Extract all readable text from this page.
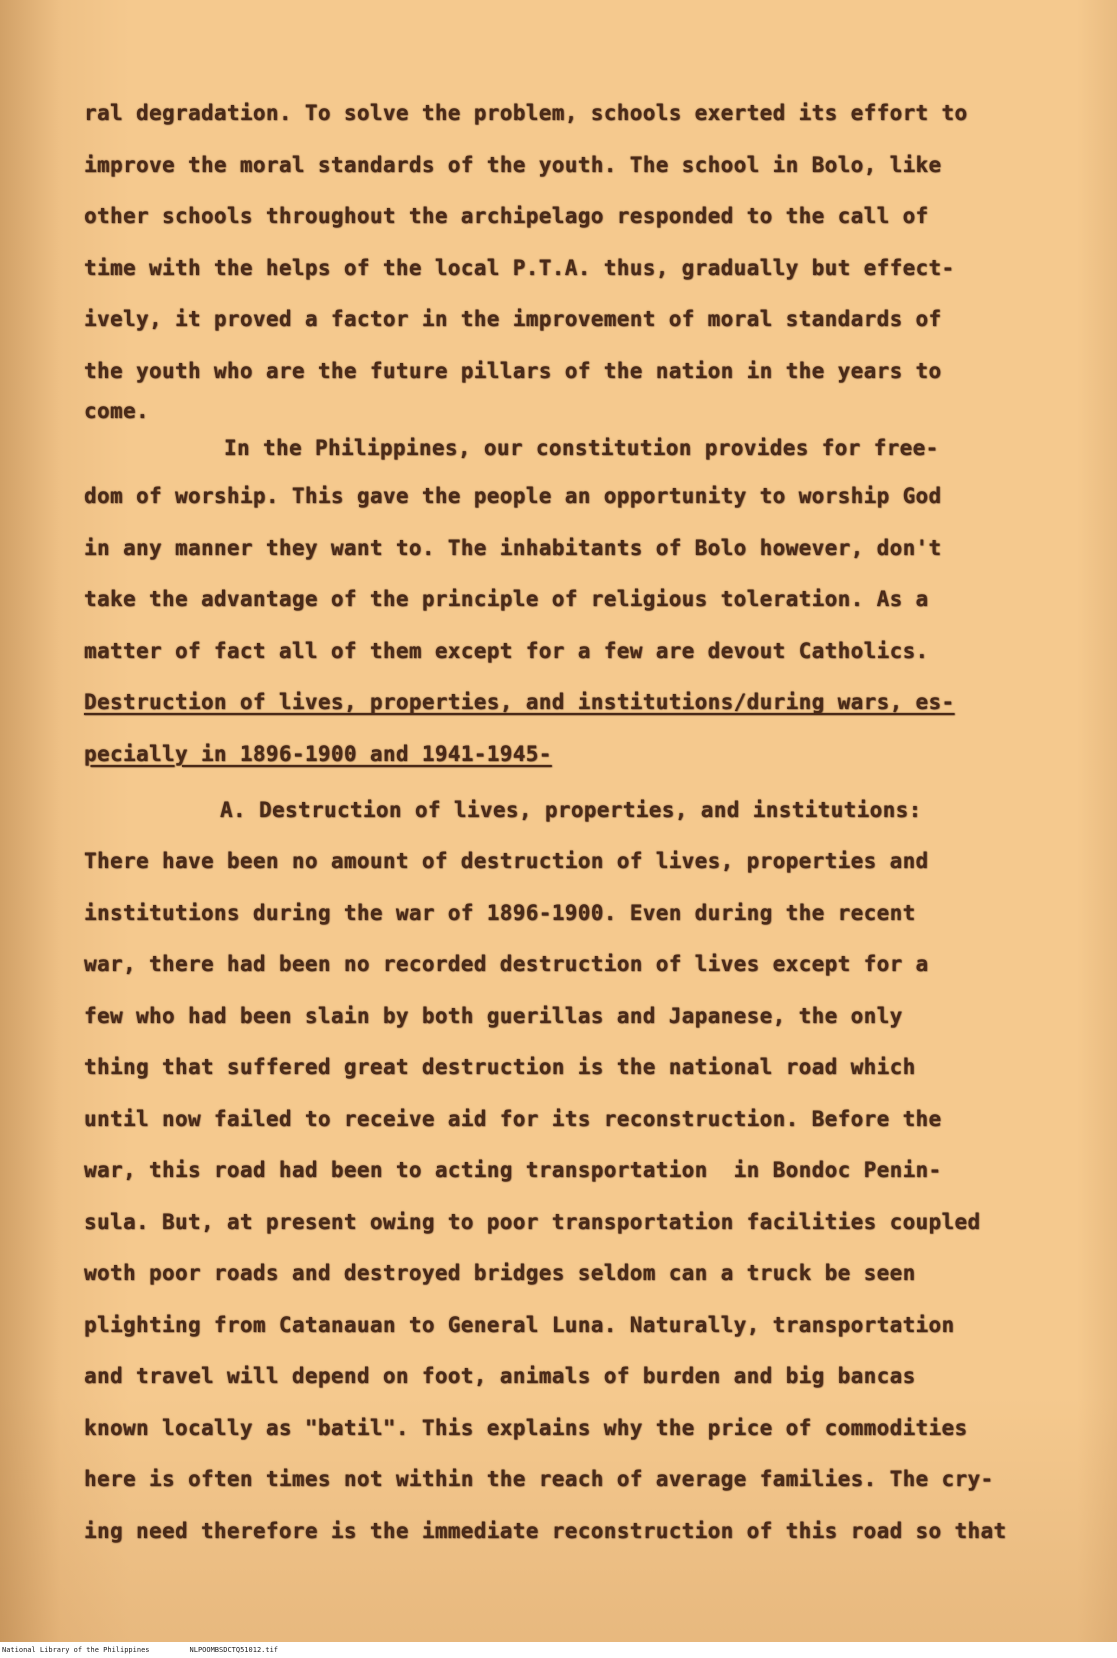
ral degradation. To solve the problem, schools exerted its effort to
improve the moral standards of the youth. The school in Bolo, like
other schools throughout the archipelago responded to the call of
time with the helps of the local P.T.A. thus, gradually but effect-
ively, it proved a factor in the improvement of moral standards of
the youth who are the future pillars of the nation in the years to
come.
In the Philippines, our constitution provides for free-
dom of worship. This gave the people an opportunity to worship God
in any manner they want to. The inhabitants of Bolo however, don't
take the advantage of the principle of religious toleration. As a
matter of fact all of them except for a few are devout Catholics.
Destruction of lives, properties, and institutions/during wars, es-
pecially in 1896-1900 and 1941-1945-
A. Destruction of lives, properties, and institutions:
There have been no amount of destruction of lives, properties and
institutions during the war of 1896-1900. Even during the recent
war, there had been no recorded destruction of lives except for a
few who had been slain by both guerillas and Japanese, the only
thing that suffered great destruction is the national road which
until now failed to receive aid for its reconstruction. Before the
war, this road had been to acting transportation  in Bondoc Penin-
sula. But, at present owing to poor transportation facilities coupled
woth poor roads and destroyed bridges seldom can a truck be seen
plighting from Catanauan to General Luna. Naturally, transportation
and travel will depend on foot, animals of burden and big bancas
known locally as "batil". This explains why the price of commodities
here is often times not within the reach of average families. The cry-
ing need therefore is the immediate reconstruction of this road so that
National Library of the Philippines	NLPOOMBSDCTQ51012.tif
